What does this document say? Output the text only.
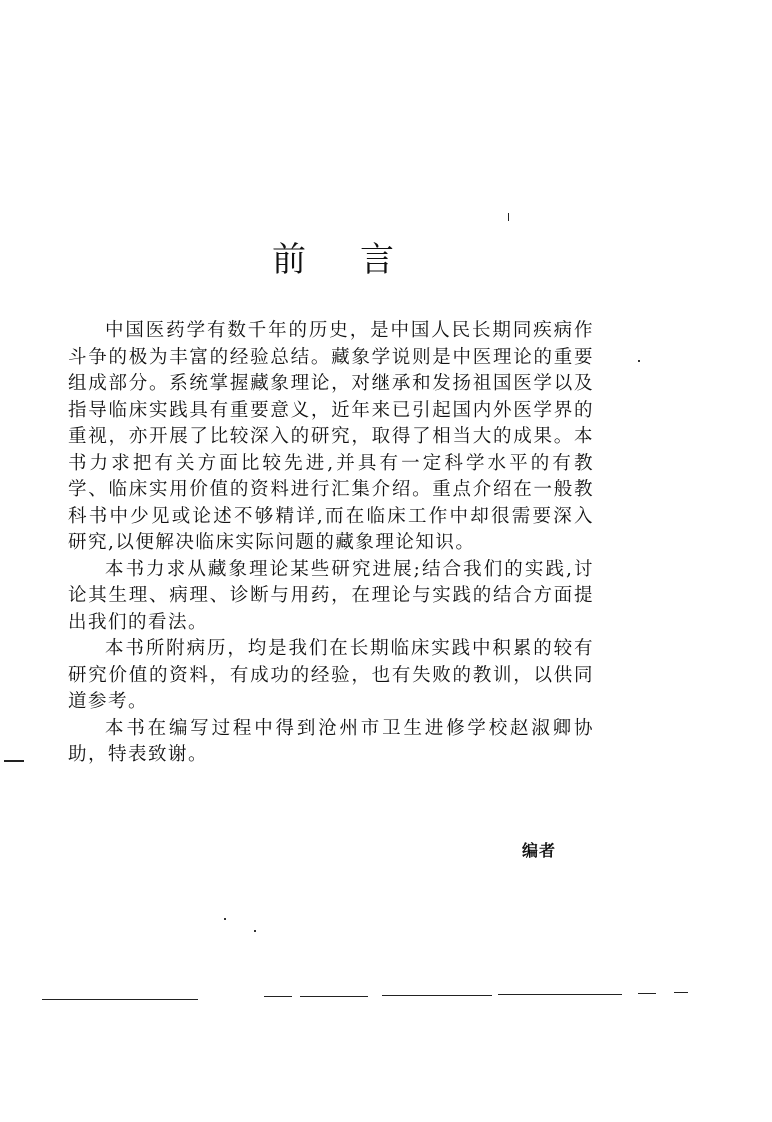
前言

中国医药学有数千年的历史，是中国人民长期同疾病作斗争的极为丰富的经验总结。藏象学说则是中医理论的重要组成部分。系统掌握藏象理论，对继承和发扬祖国医学以及指导临床实践具有重要意义，近年来已引起国内外医学界的重视，亦开展了比较深入的研究，取得了相当大的成果。本书力求把有关方面比较先进,并具有一定科学水平的有教学、临床实用价值的资料进行汇集介绍。重点介绍在一般教科书中少见或论述不够精详,而在临床工作中却很需要深入研究,以便解决临床实际问题的藏象理论知识。

本书力求从藏象理论某些研究进展;结合我们的实践,讨论其生理、病理、诊断与用药，在理论与实践的结合方面提出我们的看法。

本书所附病历，均是我们在长期临床实践中积累的较有研究价值的资料，有成功的经验，也有失败的教训，以供同道参考。

本书在编写过程中得到沧州市卫生进修学校赵淑卿协助，特表致谢。

编者
